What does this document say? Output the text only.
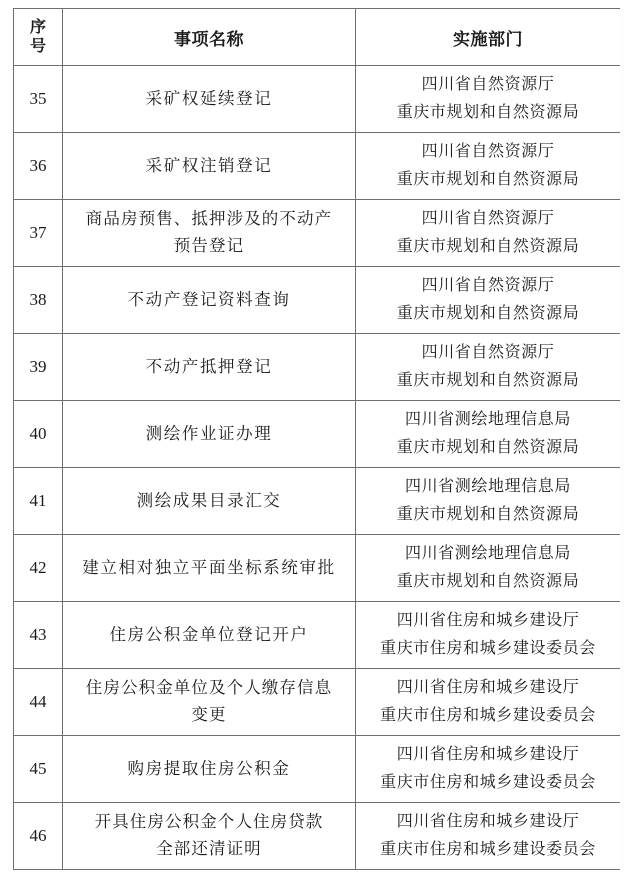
序
号	事项名称	实施部门

35	采矿权延续登记	四川省自然资源厅
重庆市规划和自然资源局

36	采矿权注销登记	四川省自然资源厅
重庆市规划和自然资源局

37	商品房预售、抵押涉及的不动产
预告登记	四川省自然资源厅
重庆市规划和自然资源局

38	不动产登记资料查询	四川省自然资源厅
重庆市规划和自然资源局

39	不动产抵押登记	四川省自然资源厅
重庆市规划和自然资源局

40	测绘作业证办理	四川省测绘地理信息局
重庆市规划和自然资源局

41	测绘成果目录汇交	四川省测绘地理信息局
重庆市规划和自然资源局

42	建立相对独立平面坐标系统审批	四川省测绘地理信息局
重庆市规划和自然资源局

43	住房公积金单位登记开户	四川省住房和城乡建设厅
重庆市住房和城乡建设委员会

44	住房公积金单位及个人缴存信息
变更	四川省住房和城乡建设厅
重庆市住房和城乡建设委员会

45	购房提取住房公积金	四川省住房和城乡建设厅
重庆市住房和城乡建设委员会

46	开具住房公积金个人住房贷款
全部还清证明	四川省住房和城乡建设厅
重庆市住房和城乡建设委员会
